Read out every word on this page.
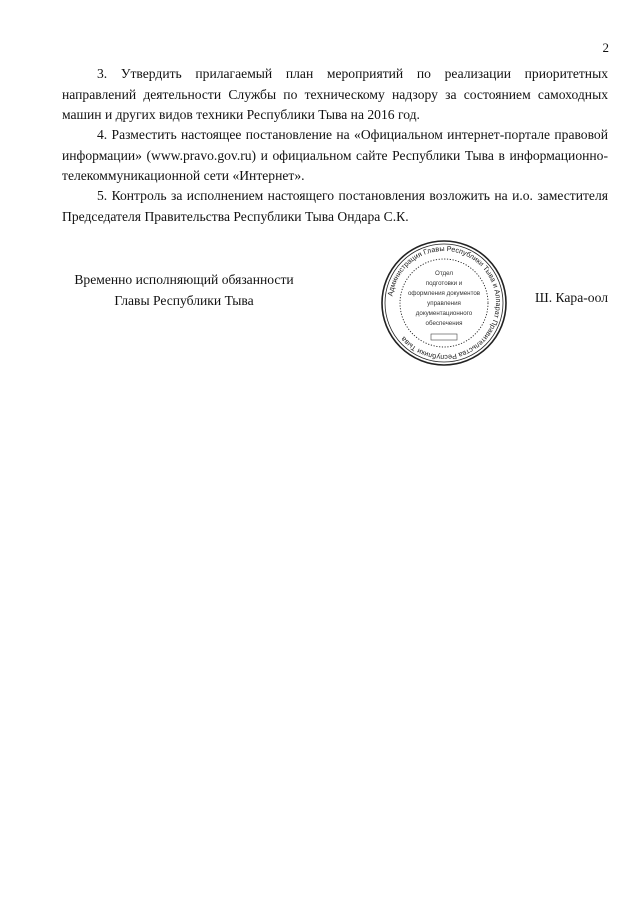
2

3. Утвердить прилагаемый план мероприятий по реализации приоритетных направлений деятельности Службы по техническому надзору за состоянием самоходных машин и других видов техники Республики Тыва на 2016 год.

4. Разместить настоящее постановление на «Официальном интернет-портале правовой информации» (www.pravo.gov.ru) и официальном сайте Республики Тыва в информационно-телекоммуникационной сети «Интернет».

5. Контроль за исполнением настоящего постановления возложить на и.о. заместителя Председателя Правительства Республики Тыва Ондара С.К.

Временно исполняющий обязанности
Главы Республики Тыва	Ш. Кара-оол
Администрация Главы Республики Тыва и Аппарат Правительства Республики Тыва
Отдел
подготовки и
оформления документов
управления
документационного
обеспечения
